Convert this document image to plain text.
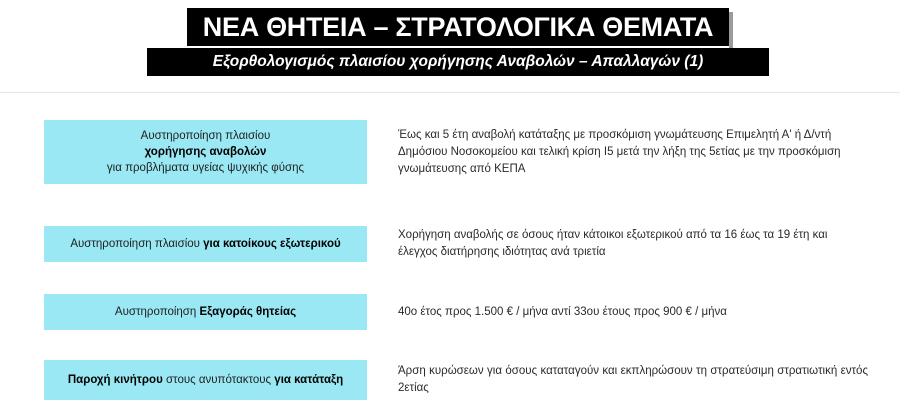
ΝΕΑ ΘΗΤΕΙΑ – ΣΤΡΑΤΟΛΟΓΙΚΑ ΘΕΜΑΤΑ
Εξορθολογισμός πλαισίου χορήγησης Αναβολών – Απαλλαγών (1)
Αυστηροποίηση πλαισίου
χορήγησης αναβολών
για προβλήματα υγείας ψυχικής φύσης
Έως και 5 έτη αναβολή κατάταξης με προσκόμιση γνωμάτευσης Επιμελητή Α' ή Δ/ντή Δημόσιου Νοσοκομείου και τελική κρίση Ι5 μετά την λήξη της 5ετίας με την προσκόμιση γνωμάτευσης από ΚΕΠΑ
Αυστηροποίηση πλαισίου για κατοίκους εξωτερικού
Χορήγηση αναβολής σε όσους ήταν κάτοικοι εξωτερικού από τα 16 έως τα 19 έτη και έλεγχος διατήρησης ιδιότητας ανά τριετία
Αυστηροποίηση Εξαγοράς θητείας	40ο έτος προς 1.500 € / μήνα αντί 33ου έτους προς 900 € / μήνα
Παροχή κινήτρου στους ανυπότακτους για κατάταξη
Άρση κυρώσεων για όσους καταταγούν και εκπληρώσουν τη στρατεύσιμη στρατιωτική εντός 2ετίας
